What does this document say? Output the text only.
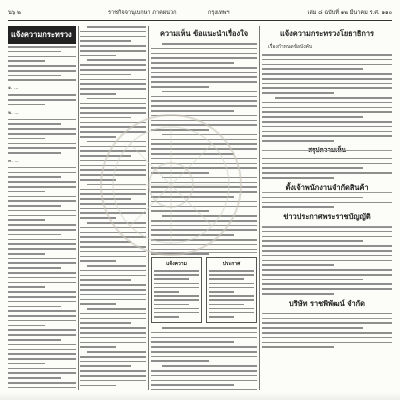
น๖ ๒	ราชกิจจานุเบกษา ภาคผนวก	กรุงเทพฯ	เล่ม ๘ ฉบับที่ ๑๒ มีนาคม ร.ศ. ๑๑๐
แจ้งความกระทรวง
๑. ...
๒. ...
๓. ...
ความเห็น ข้อแนะนำเรื่องใจ
แจ้งความ	ประกาศ
แจ้งความกระทรวงโยธาธิการ
เรื่องกำหนดข้อบังคับ
สรุปความเห็น
ตั้งเจ้าพนักงานจำกัดสินค้า
ข่าวประกาศพระราชบัญญัติ
บริษัท ราชพิพัฒน์ จำกัด
